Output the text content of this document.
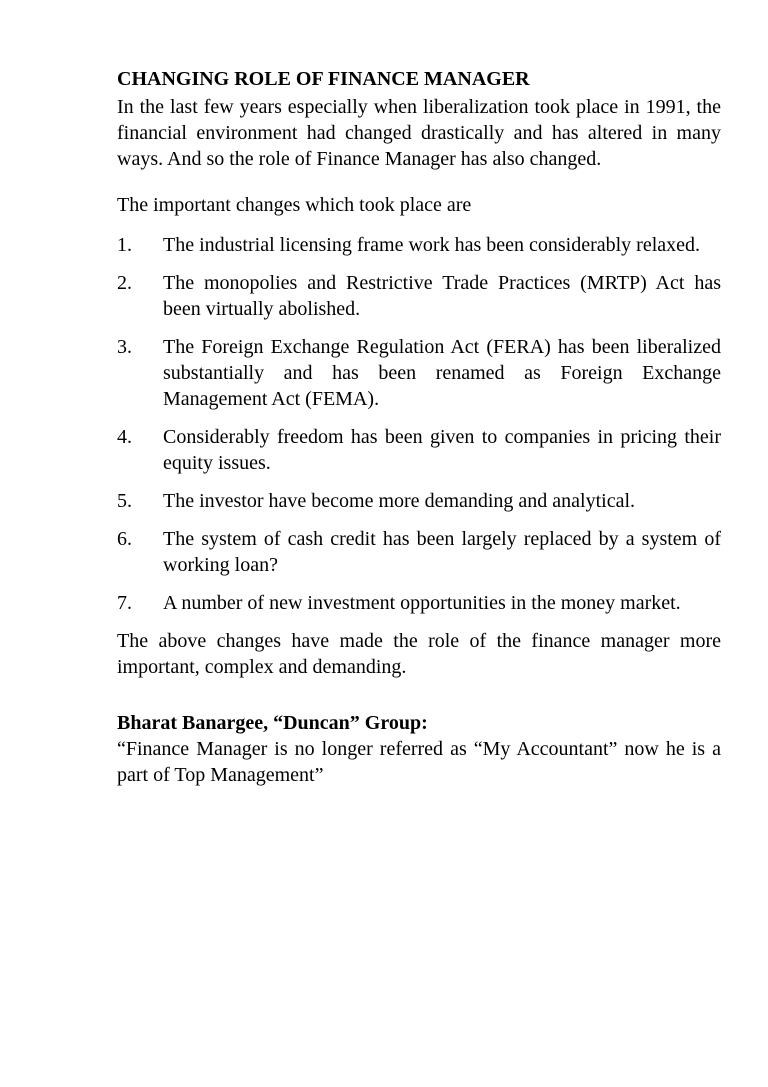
CHANGING ROLE OF FINANCE MANAGER

In the last few years especially when liberalization took place in 1991, the financial environment had changed drastically and has altered in many ways. And so the role of Finance Manager has also changed.

The important changes which took place are

1. The industrial licensing frame work has been considerably relaxed.
2. The monopolies and Restrictive Trade Practices (MRTP) Act has been virtually abolished.
3. The Foreign Exchange Regulation Act (FERA) has been liberalized substantially and has been renamed as Foreign Exchange Management Act (FEMA).
4. Considerably freedom has been given to companies in pricing their equity issues.
5. The investor have become more demanding and analytical.
6. The system of cash credit has been largely replaced by a system of working loan?
7. A number of new investment opportunities in the money market.

The above changes have made the role of the finance manager more important, complex and demanding.

Bharat Banargee, “Duncan” Group:

“Finance Manager is no longer referred as “My Accountant” now he is a part of Top Management”
